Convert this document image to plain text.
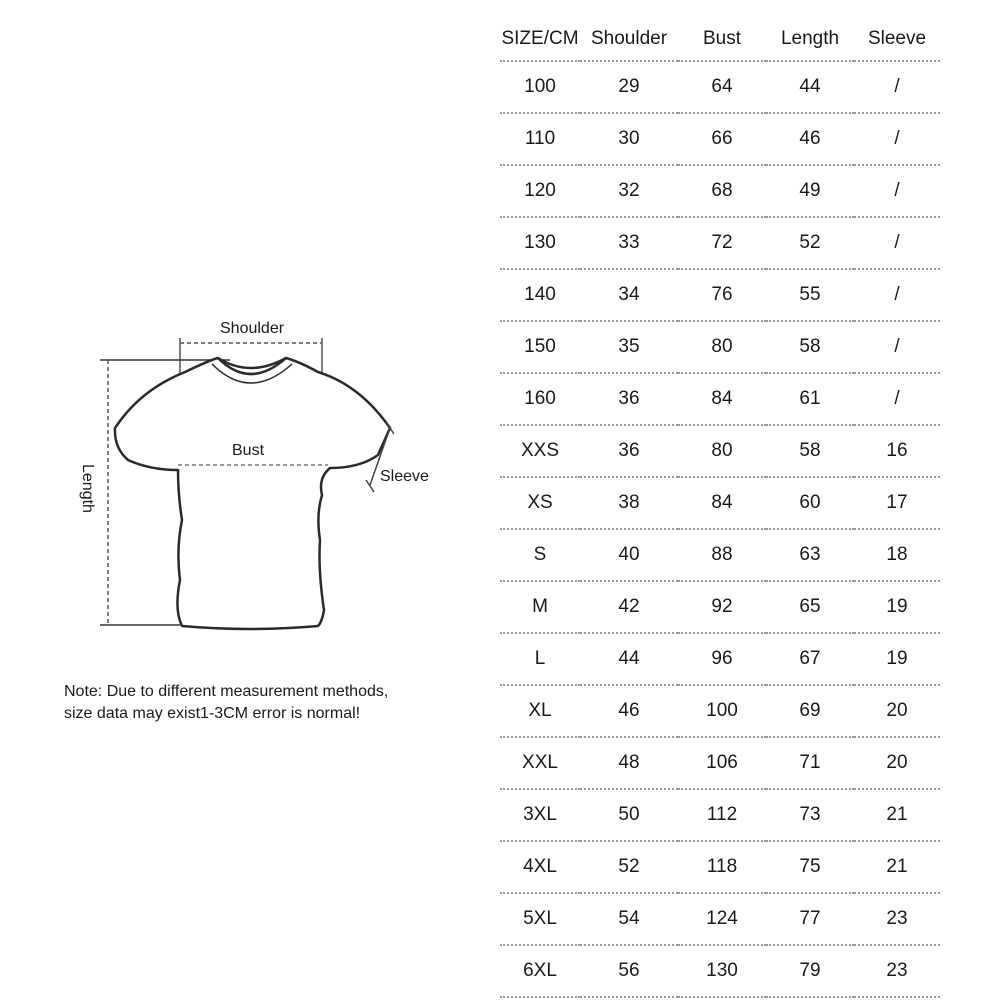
Shoulder
Bust
Sleeve
Length
Note: Due to different measurement methods,
size data may exist1-3CM error is normal!
SIZE/CM	Shoulder	Bust	Length	Sleeve
100	29	64	44	/
110	30	66	46	/
120	32	68	49	/
130	33	72	52	/
140	34	76	55	/
150	35	80	58	/
160	36	84	61	/
XXS	36	80	58	16
XS	38	84	60	17
S	40	88	63	18
M	42	92	65	19
L	44	96	67	19
XL	46	100	69	20
XXL	48	106	71	20
3XL	50	112	73	21
4XL	52	118	75	21
5XL	54	124	77	23
6XL	56	130	79	23
